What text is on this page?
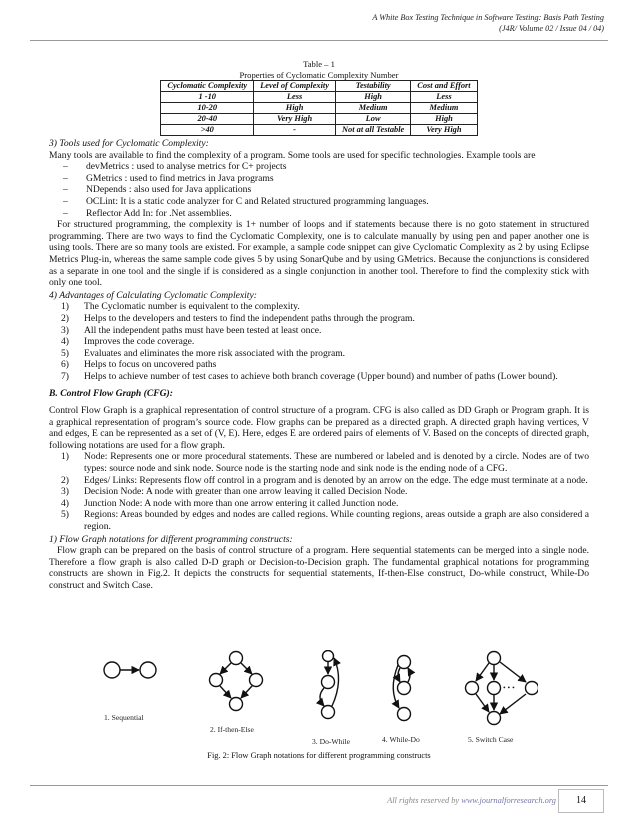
A White Box Testing Technique in Software Testing: Basis Path Testing
(J4R/ Volume 02 / Issue 04 / 04)
Table – 1
Properties of Cyclomatic Complexity Number
Cyclomatic Complexity	Level of Complexity	Testability	Cost and Effort
1 -10	Less	High	Less
10-20	High	Medium	Medium
20-40	Very High	Low	High
>40	-	Not at all Testable	Very High

3) Tools used for Cyclomatic Complexity:

Many tools are available to find the complexity of a program. Some tools are used for specific technologies. Example tools are

– devMetrics : used to analyse metrics for C+ projects
– GMetrics : used to find metrics in Java programs
– NDepends : also used for Java applications
– OCLint: It is a static code analyzer for C and Related structured programming languages.
– Reflector Add In: for .Net assemblies.

For structured programming, the complexity is 1+ number of loops and if statements because there is no goto statement in structured programming. There are two ways to find the Cyclomatic Complexity, one is to calculate manually by using pen and paper another one is using tools. There are so many tools are existed. For example, a sample code snippet can give Cyclomatic Complexity as 2 by using Eclipse Metrics Plug-in, whereas the same sample code gives 5 by using SonarQube and by using GMetrics. Because the conjunctions is considered as a separate in one tool and the single if is considered as a single conjunction in another tool. Therefore to find the complexity stick with only one tool.

4) Advantages of Calculating Cyclomatic Complexity:

1) The Cyclomatic number is equivalent to the complexity.
2) Helps to the developers and testers to find the independent paths through the program.
3) All the independent paths must have been tested at least once.
4) Improves the code coverage.
5) Evaluates and eliminates the more risk associated with the program.
6) Helps to focus on uncovered paths
7) Helps to achieve number of test cases to achieve both branch coverage (Upper bound) and number of paths (Lower bound).

B. Control Flow Graph (CFG):

Control Flow Graph is a graphical representation of control structure of a program. CFG is also called as DD Graph or Program graph. It is a graphical representation of program’s source code. Flow graphs can be prepared as a directed graph. A directed graph having vertices, V and edges, E can be represented as a set of (V, E). Here, edges E are ordered pairs of elements of V. Based on the concepts of directed graph, following notations are used for a flow graph.

1) Node: Represents one or more procedural statements. These are numbered or labeled and is denoted by a circle. Nodes are of two types: source node and sink node. Source node is the starting node and sink node is the ending node of a CFG.
2) Edges/ Links: Represents flow off control in a program and is denoted by an arrow on the edge. The edge must terminate at a node.
3) Decision Node: A node with greater than one arrow leaving it called Decision Node.
4) Junction Node: A node with more than one arrow entering it called Junction node.
5) Regions: Areas bounded by edges and nodes are called regions. While counting regions, areas outside a graph are also considered a region.

1) Flow Graph notations for different programming constructs:

Flow graph can be prepared on the basis of control structure of a program. Here sequential statements can be merged into a single node. Therefore a flow graph is also called D-D graph or Decision-to-Decision graph. The fundamental graphical notations for programming constructs are shown in Fig.2. It depicts the constructs for sequential statements, If-then-Else construct, Do-while construct, While-Do construct and Switch Case.

• • •
1. Sequential
2. If-then-Else
3. Do-While	4. While-Do	5. Switch Case
Fig. 2: Flow Graph notations for different programming constructs
All rights reserved by www.journalforresearch.org	14
